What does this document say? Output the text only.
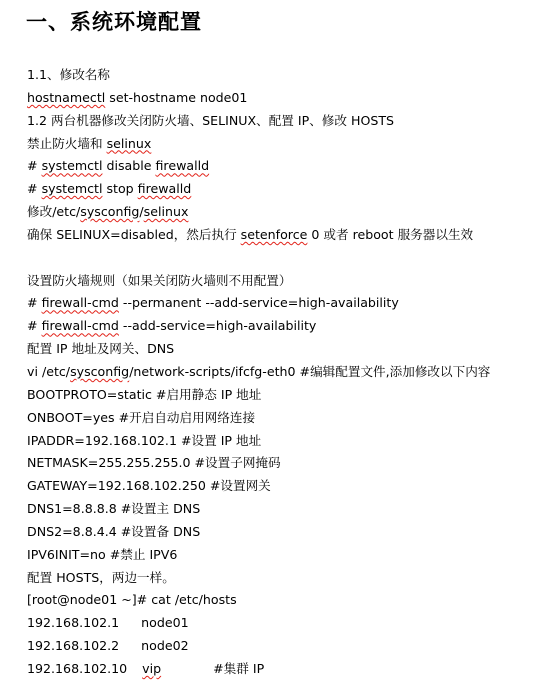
一、系统环境配置
1.1、修改名称
hostnamectl set-hostname node01
1.2 两台机器修改关闭防火墙、SELINUX、配置 IP、修改 HOSTS
禁止防火墙和 selinux
# systemctl disable firewalld
# systemctl stop firewalld
修改/etc/sysconfig/selinux
确保 SELINUX=disabled，然后执行 setenforce 0 或者 reboot 服务器以生效
设置防火墙规则（如果关闭防火墙则不用配置）
# firewall-cmd --permanent --add-service=high-availability
# firewall-cmd --add-service=high-availability
配置 IP 地址及网关、DNS
vi /etc/sysconfig/network-scripts/ifcfg-eth0 #编辑配置文件,添加修改以下内容
BOOTPROTO=static #启用静态 IP 地址
ONBOOT=yes #开启自动启用网络连接
IPADDR=192.168.102.1 #设置 IP 地址
NETMASK=255.255.255.0 #设置子网掩码
GATEWAY=192.168.102.250 #设置网关
DNS1=8.8.8.8 #设置主 DNS
DNS2=8.8.4.4 #设置备 DNS
IPV6INIT=no #禁止 IPV6
配置 HOSTS，两边一样。
[root@node01 ~]# cat /etc/hosts
192.168.102.1 node01
192.168.102.2 node02
192.168.102.10 vip	#集群 IP
